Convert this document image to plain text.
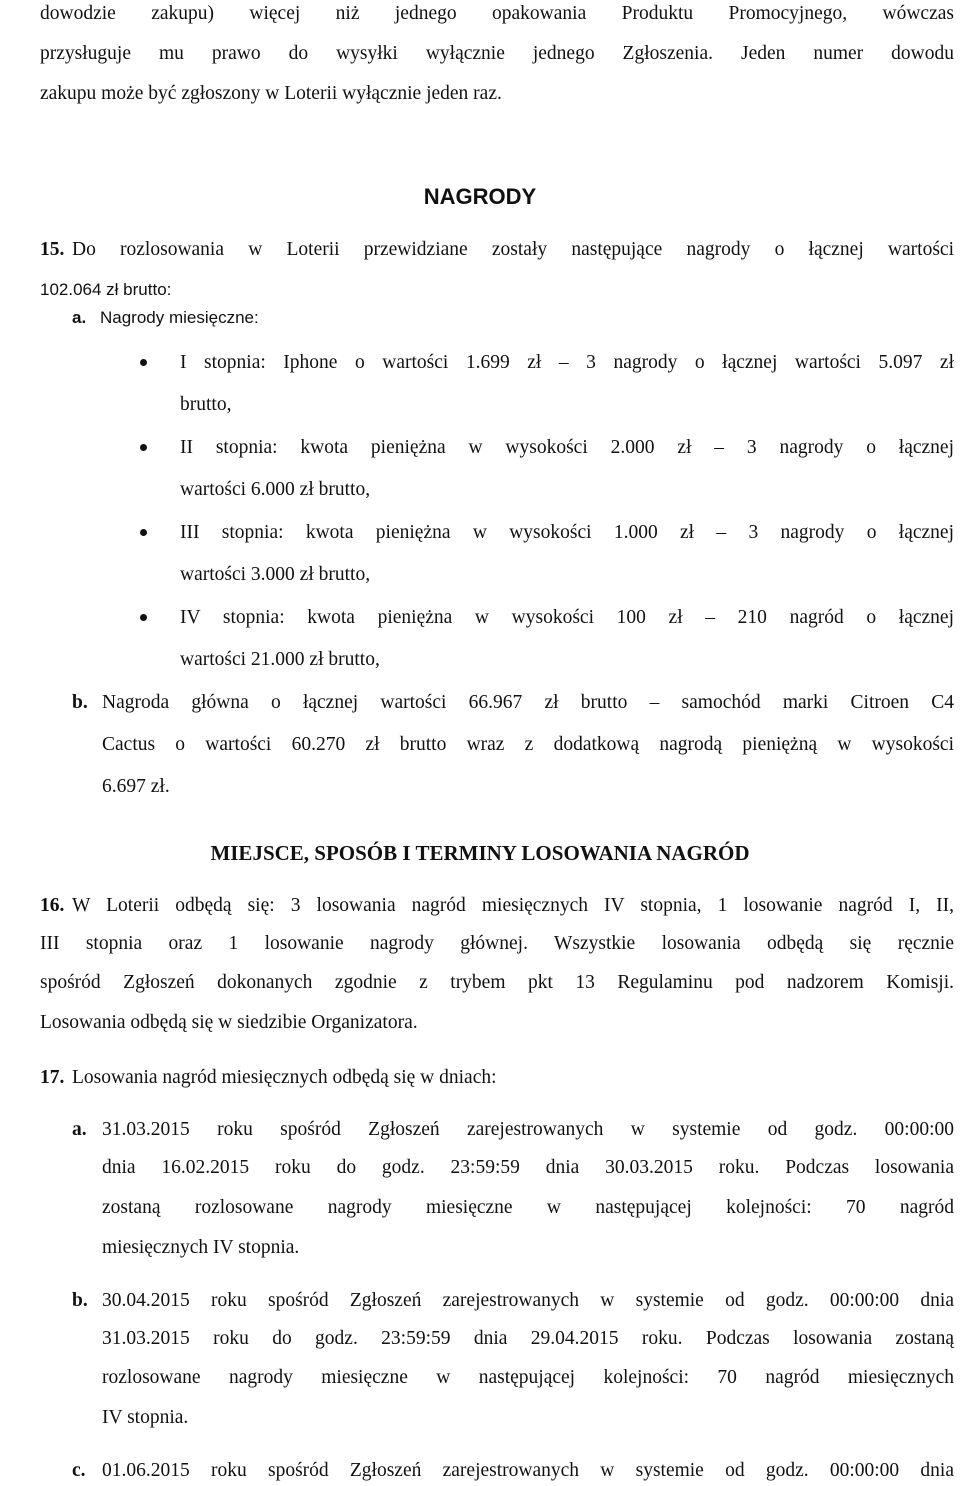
dowodzie zakupu) więcej niż jednego opakowania Produktu Promocyjnego, wówczas
przysługuje mu prawo do wysyłki wyłącznie jednego Zgłoszenia. Jeden numer dowodu
zakupu może być zgłoszony w Loterii wyłącznie jeden raz.
NAGRODY
15. Do rozlosowania w Loterii przewidziane zostały następujące nagrody o łącznej wartości
102.064 zł brutto:
a. Nagrody miesięczne:
I stopnia: Iphone o wartości 1.699 zł – 3 nagrody o łącznej wartości 5.097 zł
brutto,
II stopnia: kwota pieniężna w wysokości 2.000 zł – 3 nagrody o łącznej
wartości 6.000 zł brutto,
III stopnia: kwota pieniężna w wysokości 1.000 zł – 3 nagrody o łącznej
wartości 3.000 zł brutto,
IV stopnia: kwota pieniężna w wysokości 100 zł – 210 nagród o łącznej
wartości 21.000 zł brutto,
b. Nagroda główna o łącznej wartości 66.967 zł brutto – samochód marki Citroen C4
Cactus o wartości 60.270 zł brutto wraz z dodatkową nagrodą pieniężną w wysokości
6.697 zł.
MIEJSCE, SPOSÓB I TERMINY LOSOWANIA NAGRÓD
16. W Loterii odbędą się: 3 losowania nagród miesięcznych IV stopnia, 1 losowanie nagród I, II,
III stopnia oraz 1 losowanie nagrody głównej. Wszystkie losowania odbędą się ręcznie
spośród Zgłoszeń dokonanych zgodnie z trybem pkt 13 Regulaminu pod nadzorem Komisji.
Losowania odbędą się w siedzibie Organizatora.
17. Losowania nagród miesięcznych odbędą się w dniach:
a. 31.03.2015 roku spośród Zgłoszeń zarejestrowanych w systemie od godz. 00:00:00
dnia 16.02.2015 roku do godz. 23:59:59 dnia 30.03.2015 roku. Podczas losowania
zostaną rozlosowane nagrody miesięczne w następującej kolejności: 70 nagród
miesięcznych IV stopnia.
b. 30.04.2015 roku spośród Zgłoszeń zarejestrowanych w systemie od godz. 00:00:00 dnia
31.03.2015 roku do godz. 23:59:59 dnia 29.04.2015 roku. Podczas losowania zostaną
rozlosowane nagrody miesięczne w następującej kolejności: 70 nagród miesięcznych
IV stopnia.
c. 01.06.2015 roku spośród Zgłoszeń zarejestrowanych w systemie od godz. 00:00:00 dnia
